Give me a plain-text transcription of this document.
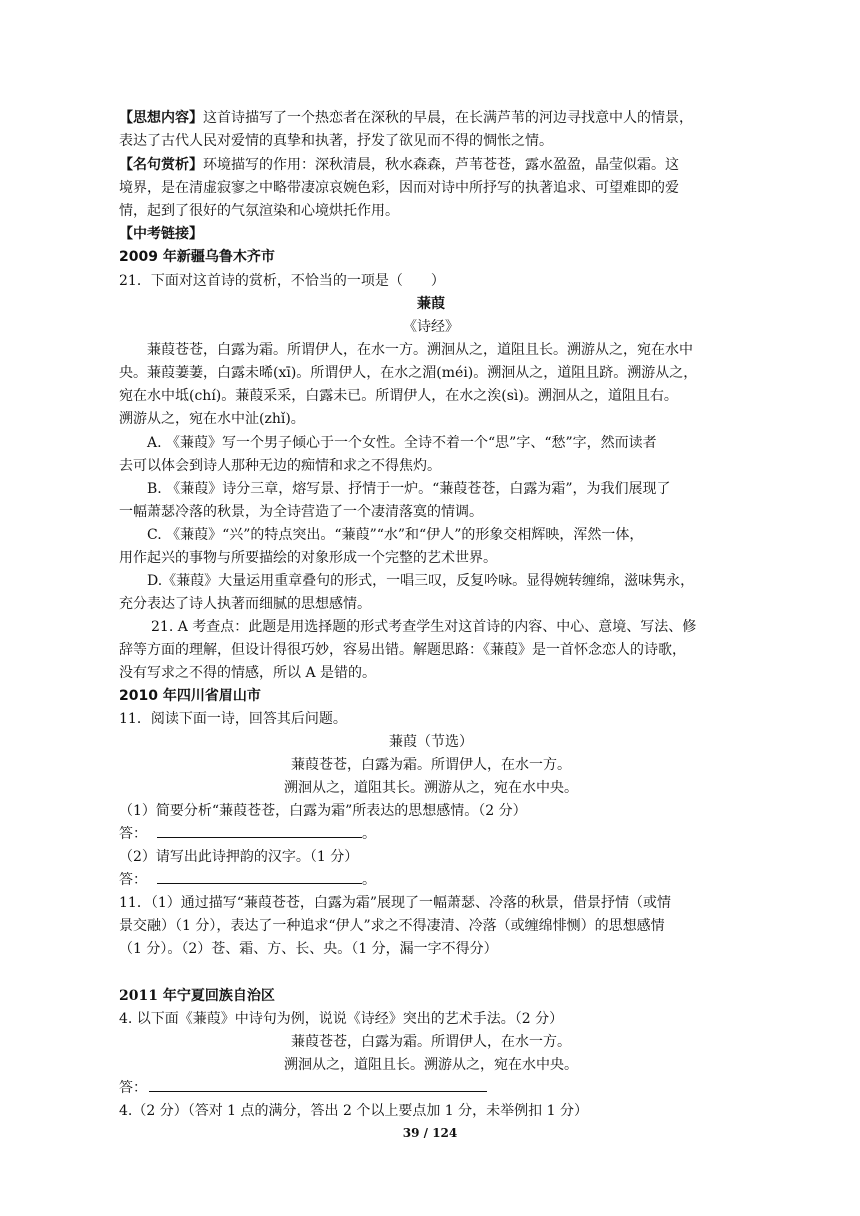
【思想内容】这首诗描写了一个热恋者在深秋的早晨，在长满芦苇的河边寻找意中人的情景，

表达了古代人民对爱情的真挚和执著，抒发了欲见而不得的惆怅之情。

【名句赏析】环境描写的作用：深秋清晨，秋水森森，芦苇苍苍，露水盈盈，晶莹似霜。这

境界，是在清虚寂寥之中略带凄凉哀婉色彩，因而对诗中所抒写的执著追求、可望难即的爱

情，起到了很好的气氛渲染和心境烘托作用。

【中考链接】

2009 年新疆乌鲁木齐市

21．下面对这首诗的赏析，不恰当的一项是（　　）

蒹葭

《诗经》

蒹葭苍苍，白露为霜。所谓伊人，在水一方。溯洄从之，道阻且长。溯游从之，宛在水中

央。蒹葭萋萋，白露未晞(xī)。所谓伊人，在水之湄(méi)。溯洄从之，道阻且跻。溯游从之，

宛在水中坻(chí)。蒹葭采采，白露未已。所谓伊人，在水之涘(sì)。溯洄从之，道阻且右。

溯游从之，宛在水中沚(zhǐ)。

A. 《蒹葭》写一个男子倾心于一个女性。全诗不着一个“思”字、“愁”字，然而读者

去可以体会到诗人那种无边的痴情和求之不得焦灼。

B. 《蒹葭》诗分三章，熔写景、抒情于一炉。“蒹葭苍苍，白露为霜”，为我们展现了

一幅萧瑟冷落的秋景，为全诗营造了一个凄清落寞的情调。

C. 《蒹葭》“兴”的特点突出。“蒹葭”“水”和“伊人”的形象交相辉映，浑然一体，

用作起兴的事物与所要描绘的对象形成一个完整的艺术世界。

D.《蒹葭》大量运用重章叠句的形式，一唱三叹，反复吟咏。显得婉转缠绵，滋味隽永，

充分表达了诗人执著而细腻的思想感情。

21. A 考查点：此题是用选择题的形式考查学生对这首诗的内容、中心、意境、写法、修

辞等方面的理解，但设计得很巧妙，容易出错。解题思路：《蒹葭》是一首怀念恋人的诗歌，

没有写求之不得的情感，所以 A 是错的。

2010 年四川省眉山市

11．阅读下面一诗，回答其后问题。

蒹葭（节选）

蒹葭苍苍，白露为霜。所谓伊人，在水一方。

溯洄从之，道阻其长。溯游从之，宛在水中央。

（1）简要分析“蒹葭苍苍，白露为霜”所表达的思想感情。（2 分）

答：	。

（2）请写出此诗押韵的汉字。（1 分）

答：	。

11．（1）通过描写“蒹葭苍苍，白露为霜”展现了一幅萧瑟、冷落的秋景，借景抒情（或情

景交融）（1 分），表达了一种追求“伊人”求之不得凄清、冷落（或缠绵悱恻）的思想感情

（1 分）。（2）苍、霜、方、长、央。（1 分，漏一字不得分）

2011 年宁夏回族自治区

4. 以下面《蒹葭》中诗句为例，说说《诗经》突出的艺术手法。（2 分）

蒹葭苍苍，白露为霜。所谓伊人，在水一方。

溯洄从之，道阻且长。溯游从之，宛在水中央。

答：

4.（2 分）（答对 1 点的满分，答出 2 个以上要点加 1 分，未举例扣 1 分）

39 / 124
